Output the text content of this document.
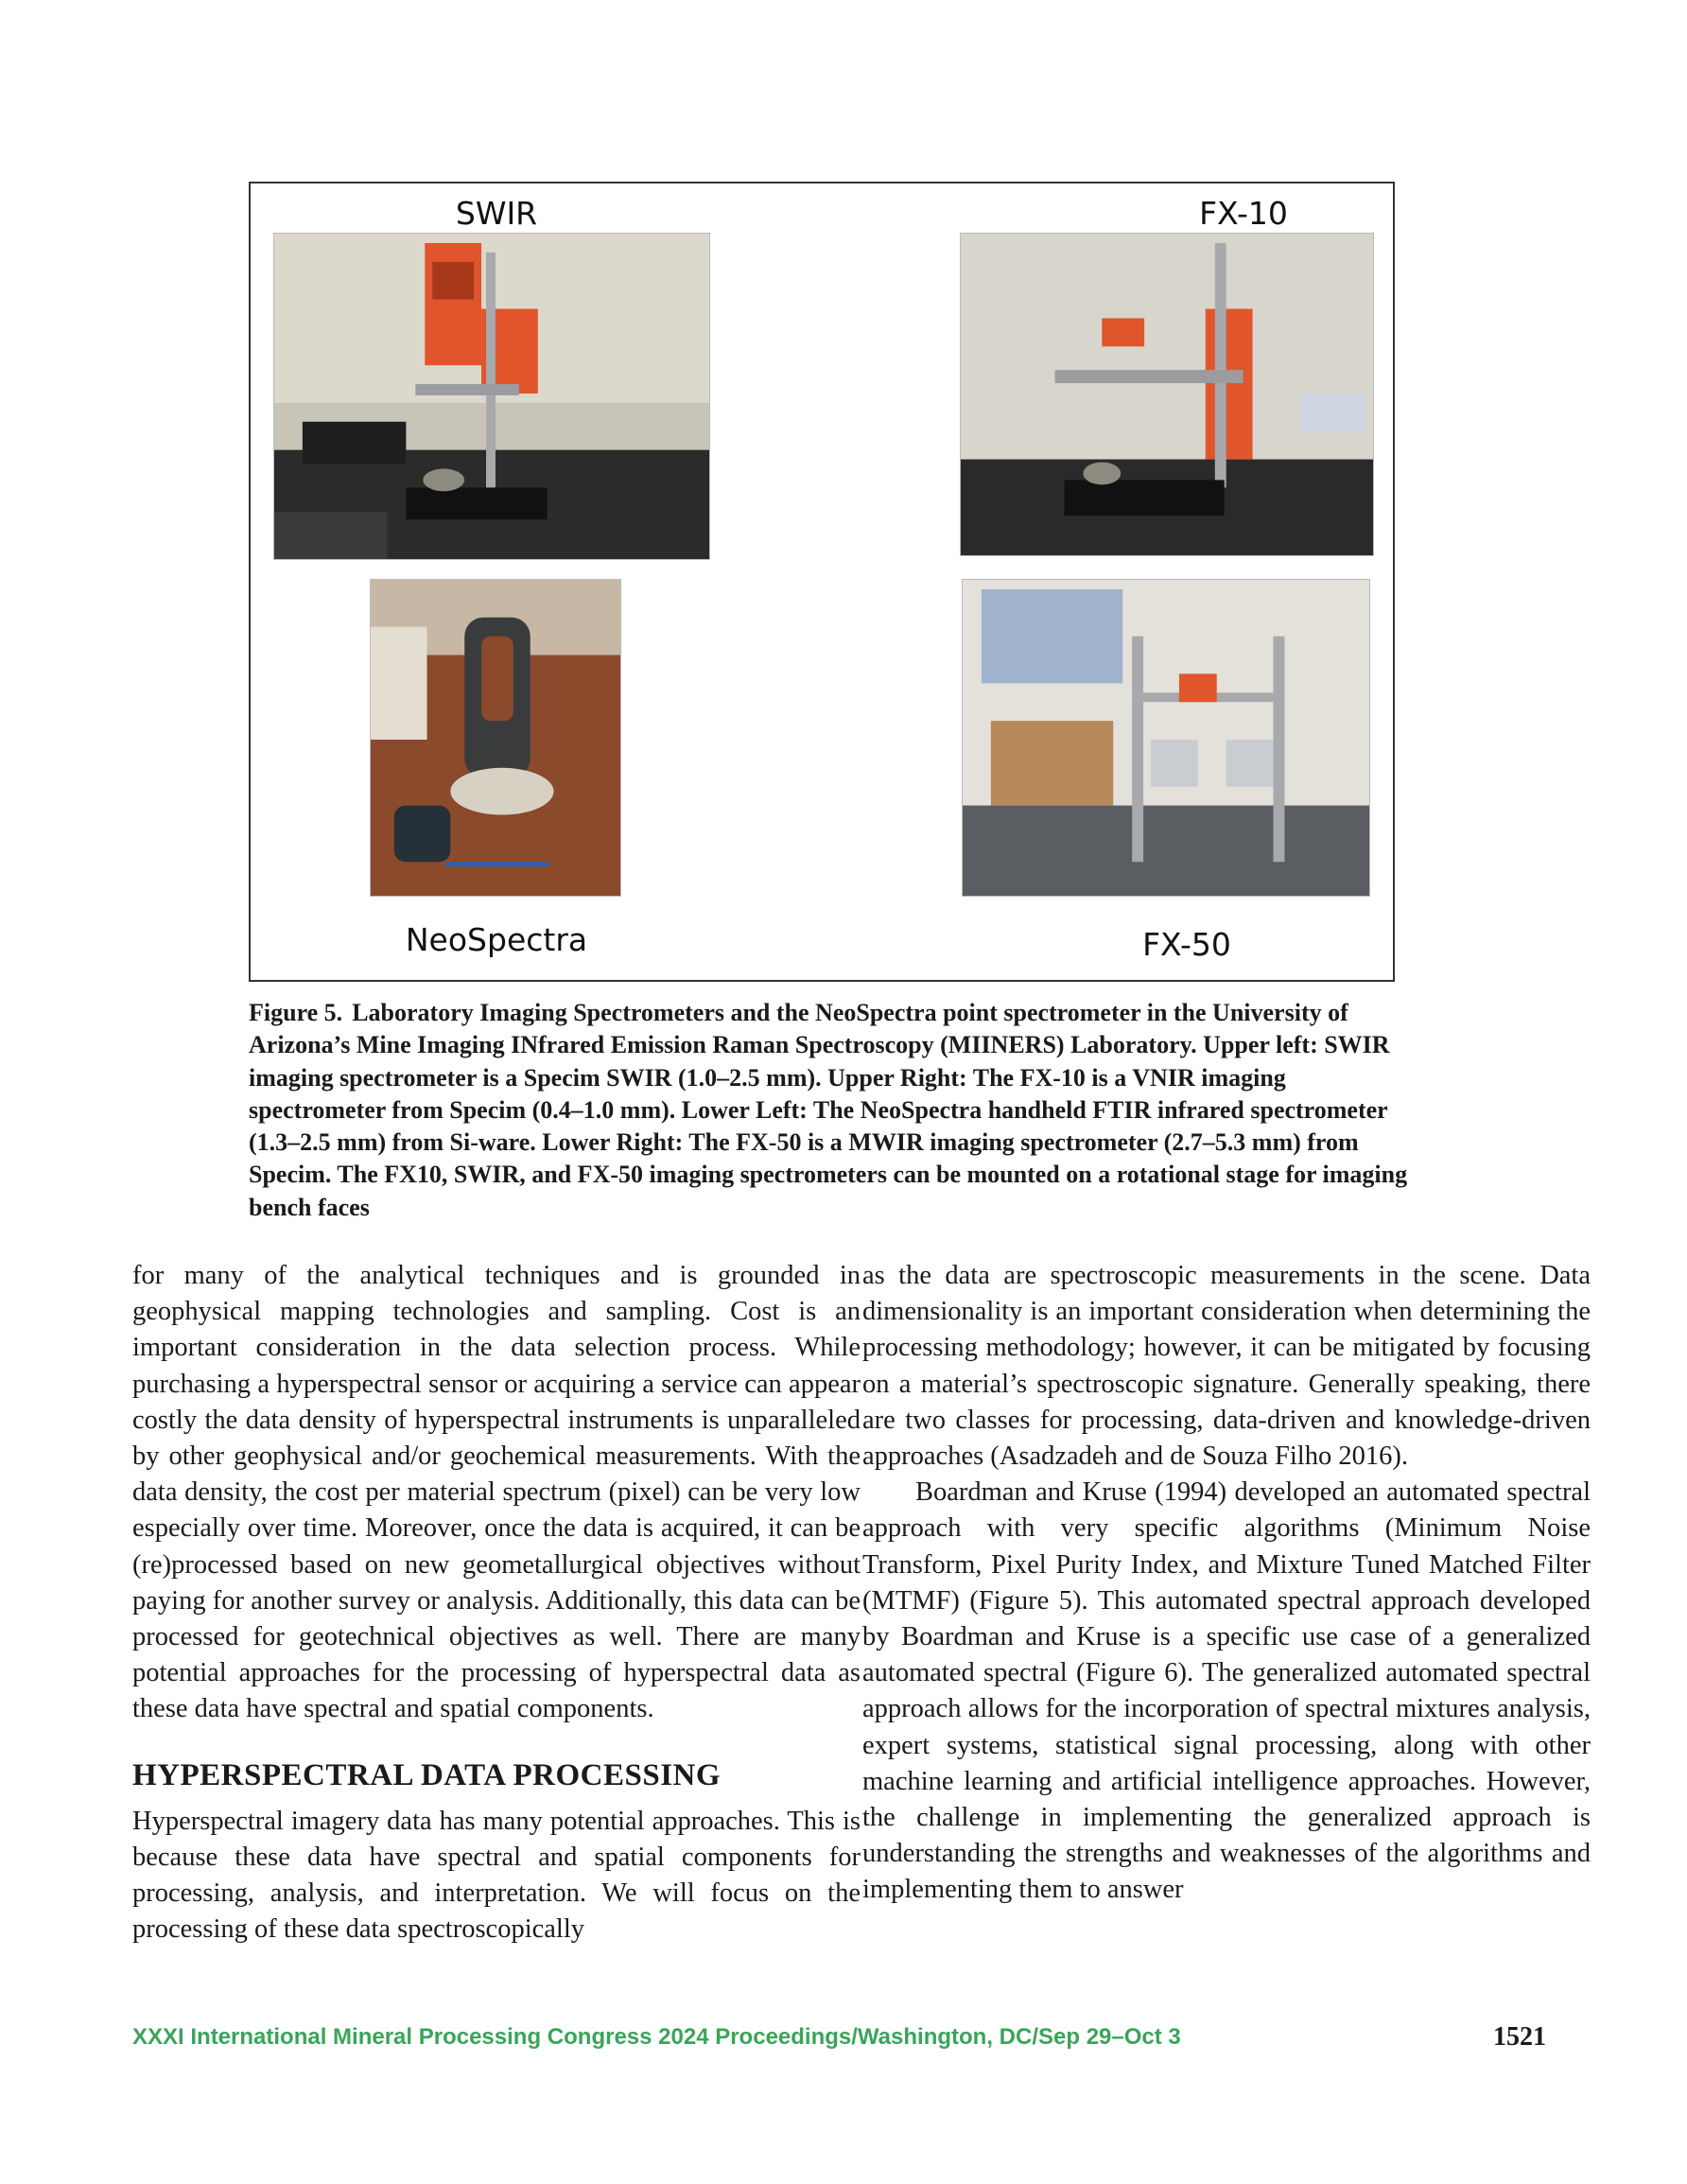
SWIR	FX-10
NeoSpectra	FX-50
Figure 5. Laboratory Imaging Spectrometers and the NeoSpectra point spectrometer in the University of Arizona’s Mine Imaging INfrared Emission Raman Spectroscopy (MIINERS) Laboratory. Upper left: SWIR imaging spectrometer is a Specim SWIR (1.0–2.5 mm). Upper Right: The FX-10 is a VNIR imaging spectrometer from Specim (0.4–1.0 mm). Lower Left: The NeoSpectra handheld FTIR infrared spectrometer (1.3–2.5 mm) from Si-ware. Lower Right: The FX-50 is a MWIR imaging spectrometer (2.7–5.3 mm) from Specim. The FX10, SWIR, and FX-50 imaging spectrometers can be mounted on a rotational stage for imaging bench faces

for many of the analytical techniques and is grounded in geophysical mapping technologies and sampling. Cost is an important consideration in the data selection process. While purchasing a hyperspectral sensor or acquiring a service can appear costly the data density of hyperspectral instruments is unparalleled by other geophysical and/or geochemical measurements. With the data density, the cost per material spectrum (pixel) can be very low especially over time. Moreover, once the data is acquired, it can be (re)processed based on new geometallurgical objectives without paying for another survey or analysis. Additionally, this data can be processed for geotechnical objectives as well. There are many potential approaches for the processing of hyperspectral data as these data have spectral and spatial components.

HYPERSPECTRAL DATA PROCESSING

Hyperspectral imagery data has many potential approaches. This is because these data have spectral and spatial components for processing, analysis, and interpretation. We will focus on the processing of these data spectroscopically

as the data are spectroscopic measurements in the scene. Data dimensionality is an important consideration when determining the processing methodology; however, it can be mitigated by focusing on a material’s spectroscopic signature. Generally speaking, there are two classes for processing, data-driven and knowledge-driven approaches (Asadzadeh and de Souza Filho 2016).

Boardman and Kruse (1994) developed an automated spectral approach with very specific algorithms (Minimum Noise Transform, Pixel Purity Index, and Mixture Tuned Matched Filter (MTMF) (Figure 5). This automated spectral approach developed by Boardman and Kruse is a specific use case of a generalized automated spectral (Figure 6). The generalized automated spectral approach allows for the incorporation of spectral mixtures analysis, expert systems, statistical signal processing, along with other machine learning and artificial intelligence approaches. However, the challenge in implementing the generalized approach is understanding the strengths and weaknesses of the algorithms and implementing them to answer

XXXI International Mineral Processing Congress 2024 Proceedings/Washington, DC/Sep 29–Oct 3	1521
